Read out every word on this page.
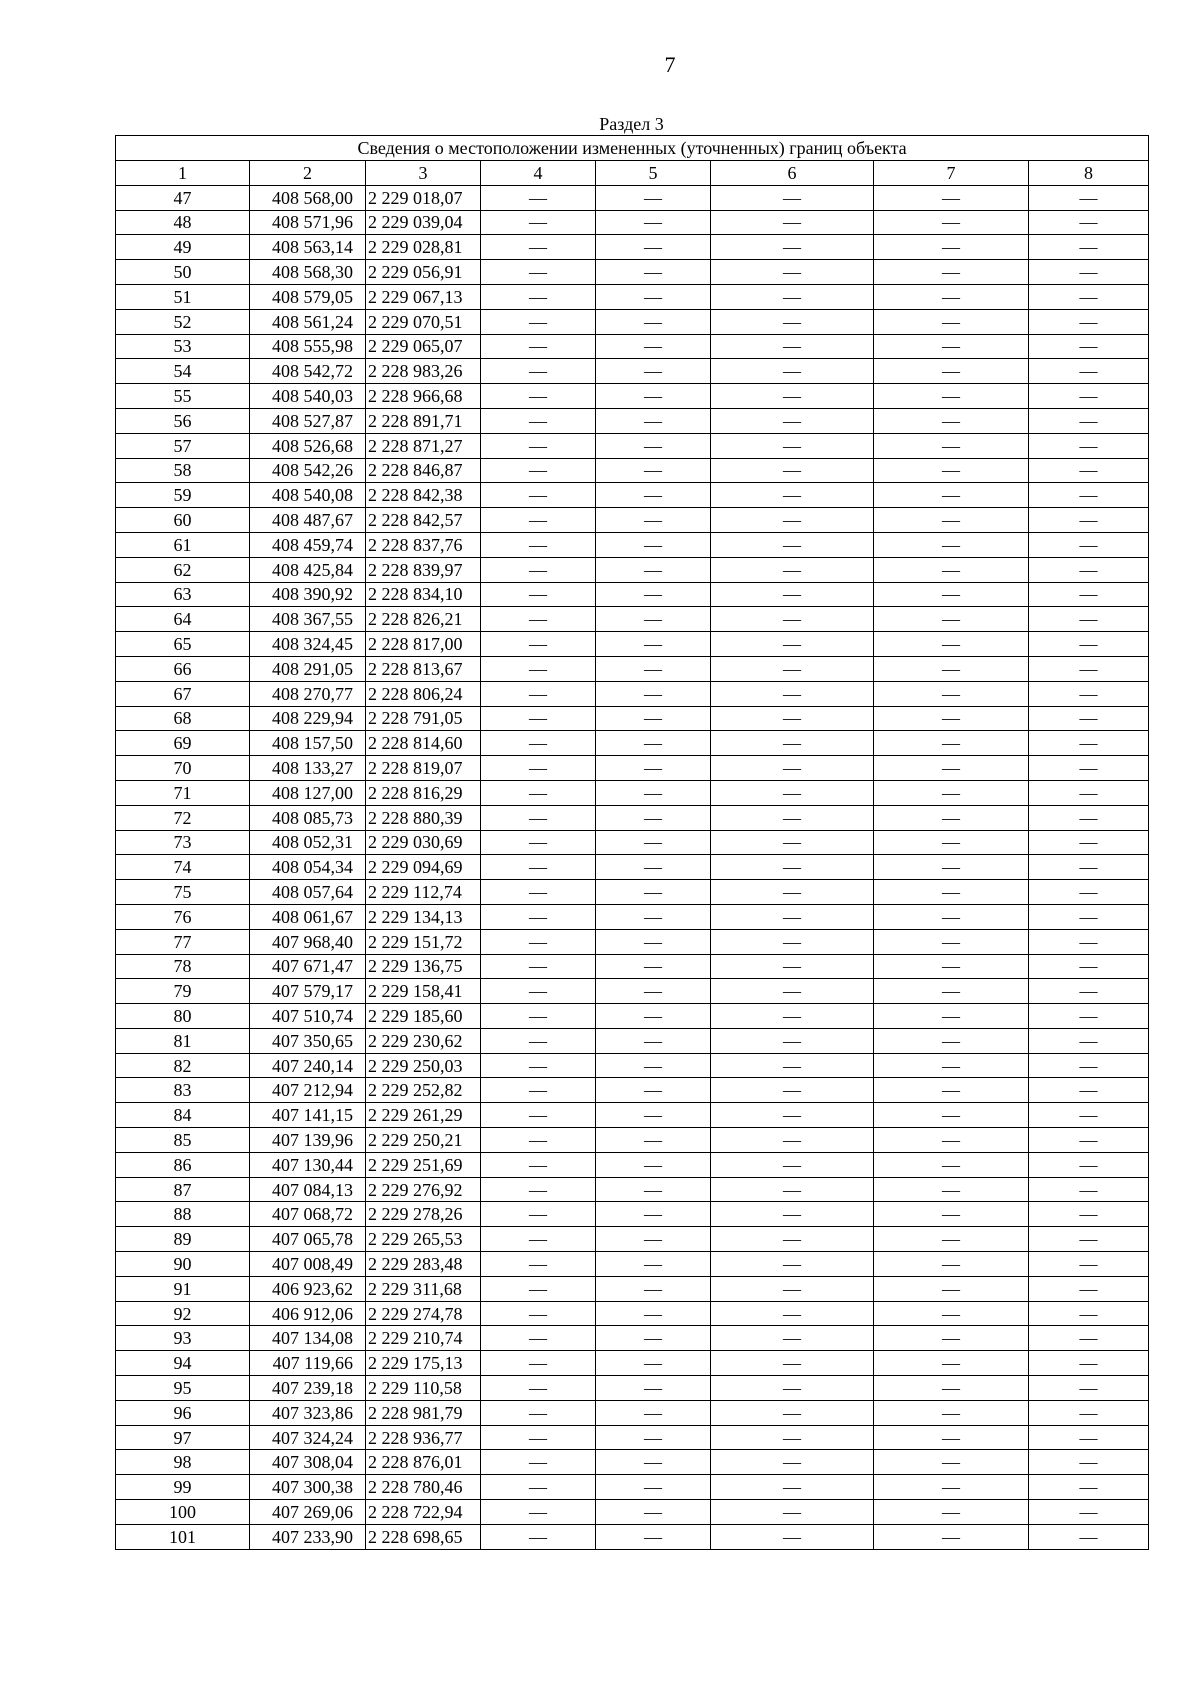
7
Раздел 3
Сведения о местоположении измененных (уточненных) границ объекта							
1	2	3	4	5	6	7	8
47	408 568,00	2 229 018,07	—	—	—	—	—
48	408 571,96	2 229 039,04	—	—	—	—	—
49	408 563,14	2 229 028,81	—	—	—	—	—
50	408 568,30	2 229 056,91	—	—	—	—	—
51	408 579,05	2 229 067,13	—	—	—	—	—
52	408 561,24	2 229 070,51	—	—	—	—	—
53	408 555,98	2 229 065,07	—	—	—	—	—
54	408 542,72	2 228 983,26	—	—	—	—	—
55	408 540,03	2 228 966,68	—	—	—	—	—
56	408 527,87	2 228 891,71	—	—	—	—	—
57	408 526,68	2 228 871,27	—	—	—	—	—
58	408 542,26	2 228 846,87	—	—	—	—	—
59	408 540,08	2 228 842,38	—	—	—	—	—
60	408 487,67	2 228 842,57	—	—	—	—	—
61	408 459,74	2 228 837,76	—	—	—	—	—
62	408 425,84	2 228 839,97	—	—	—	—	—
63	408 390,92	2 228 834,10	—	—	—	—	—
64	408 367,55	2 228 826,21	—	—	—	—	—
65	408 324,45	2 228 817,00	—	—	—	—	—
66	408 291,05	2 228 813,67	—	—	—	—	—
67	408 270,77	2 228 806,24	—	—	—	—	—
68	408 229,94	2 228 791,05	—	—	—	—	—
69	408 157,50	2 228 814,60	—	—	—	—	—
70	408 133,27	2 228 819,07	—	—	—	—	—
71	408 127,00	2 228 816,29	—	—	—	—	—
72	408 085,73	2 228 880,39	—	—	—	—	—
73	408 052,31	2 229 030,69	—	—	—	—	—
74	408 054,34	2 229 094,69	—	—	—	—	—
75	408 057,64	2 229 112,74	—	—	—	—	—
76	408 061,67	2 229 134,13	—	—	—	—	—
77	407 968,40	2 229 151,72	—	—	—	—	—
78	407 671,47	2 229 136,75	—	—	—	—	—
79	407 579,17	2 229 158,41	—	—	—	—	—
80	407 510,74	2 229 185,60	—	—	—	—	—
81	407 350,65	2 229 230,62	—	—	—	—	—
82	407 240,14	2 229 250,03	—	—	—	—	—
83	407 212,94	2 229 252,82	—	—	—	—	—
84	407 141,15	2 229 261,29	—	—	—	—	—
85	407 139,96	2 229 250,21	—	—	—	—	—
86	407 130,44	2 229 251,69	—	—	—	—	—
87	407 084,13	2 229 276,92	—	—	—	—	—
88	407 068,72	2 229 278,26	—	—	—	—	—
89	407 065,78	2 229 265,53	—	—	—	—	—
90	407 008,49	2 229 283,48	—	—	—	—	—
91	406 923,62	2 229 311,68	—	—	—	—	—
92	406 912,06	2 229 274,78	—	—	—	—	—
93	407 134,08	2 229 210,74	—	—	—	—	—
94	407 119,66	2 229 175,13	—	—	—	—	—
95	407 239,18	2 229 110,58	—	—	—	—	—
96	407 323,86	2 228 981,79	—	—	—	—	—
97	407 324,24	2 228 936,77	—	—	—	—	—
98	407 308,04	2 228 876,01	—	—	—	—	—
99	407 300,38	2 228 780,46	—	—	—	—	—
100	407 269,06	2 228 722,94	—	—	—	—	—
101	407 233,90	2 228 698,65	—	—	—	—	—
